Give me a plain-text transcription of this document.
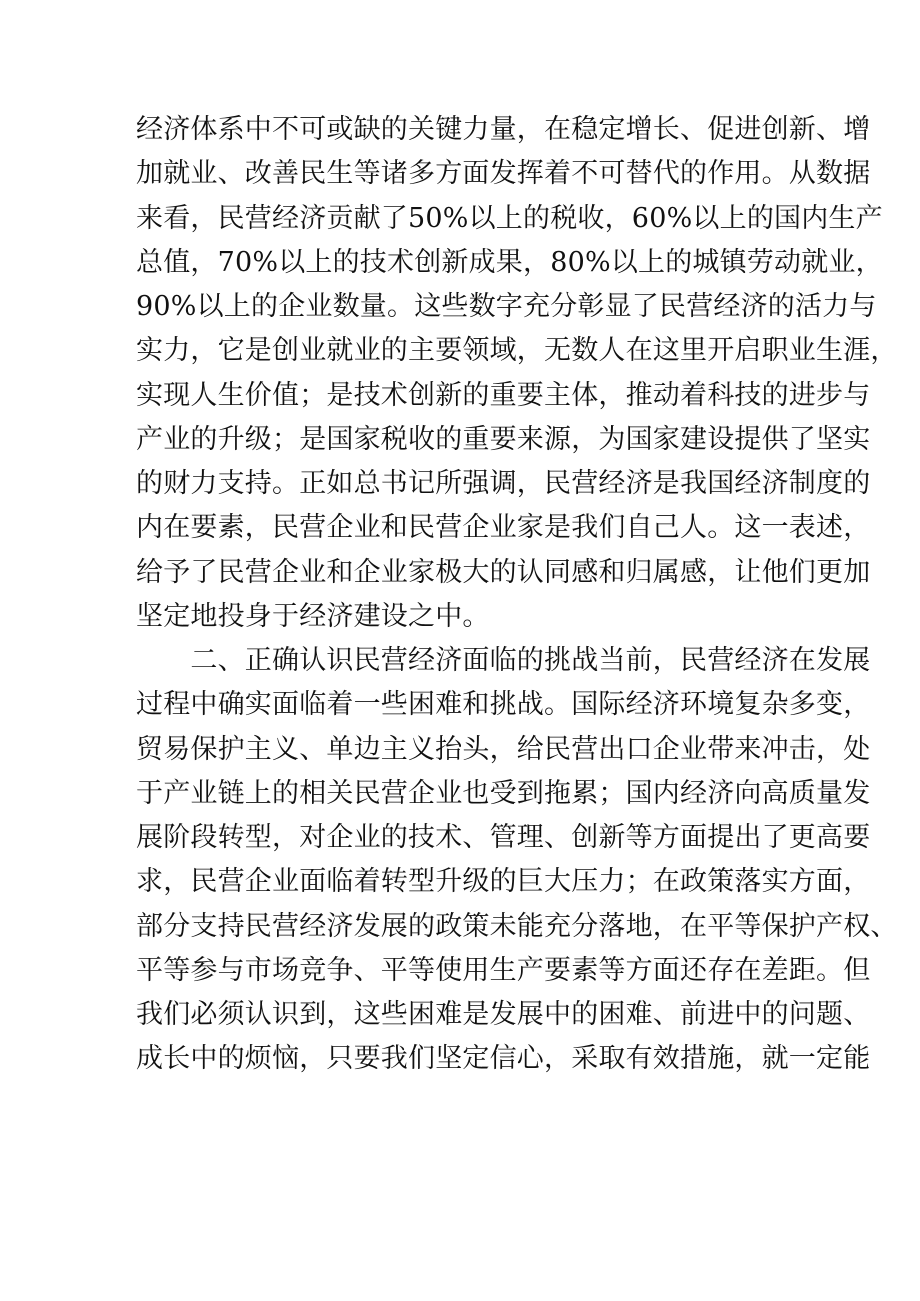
经济体系中不可或缺的关键力量，在稳定增长、促进创新、增
加就业、改善民生等诸多方面发挥着不可替代的作用。从数据
来看，民营经济贡献了50%以上的税收，60%以上的国内生产
总值，70%以上的技术创新成果，80%以上的城镇劳动就业，
90%以上的企业数量。这些数字充分彰显了民营经济的活力与
实力，它是创业就业的主要领域，无数人在这里开启职业生涯，
实现人生价值；是技术创新的重要主体，推动着科技的进步与
产业的升级；是国家税收的重要来源，为国家建设提供了坚实
的财力支持。正如总书记所强调，民营经济是我国经济制度的
内在要素，民营企业和民营企业家是我们自己人。这一表述，
给予了民营企业和企业家极大的认同感和归属感，让他们更加
坚定地投身于经济建设之中。
　　二、正确认识民营经济面临的挑战当前，民营经济在发展
过程中确实面临着一些困难和挑战。国际经济环境复杂多变，
贸易保护主义、单边主义抬头，给民营出口企业带来冲击，处
于产业链上的相关民营企业也受到拖累；国内经济向高质量发
展阶段转型，对企业的技术、管理、创新等方面提出了更高要
求，民营企业面临着转型升级的巨大压力；在政策落实方面，
部分支持民营经济发展的政策未能充分落地，在平等保护产权、
平等参与市场竞争、平等使用生产要素等方面还存在差距。但
我们必须认识到，这些困难是发展中的困难、前进中的问题、
成长中的烦恼，只要我们坚定信心，采取有效措施，就一定能
